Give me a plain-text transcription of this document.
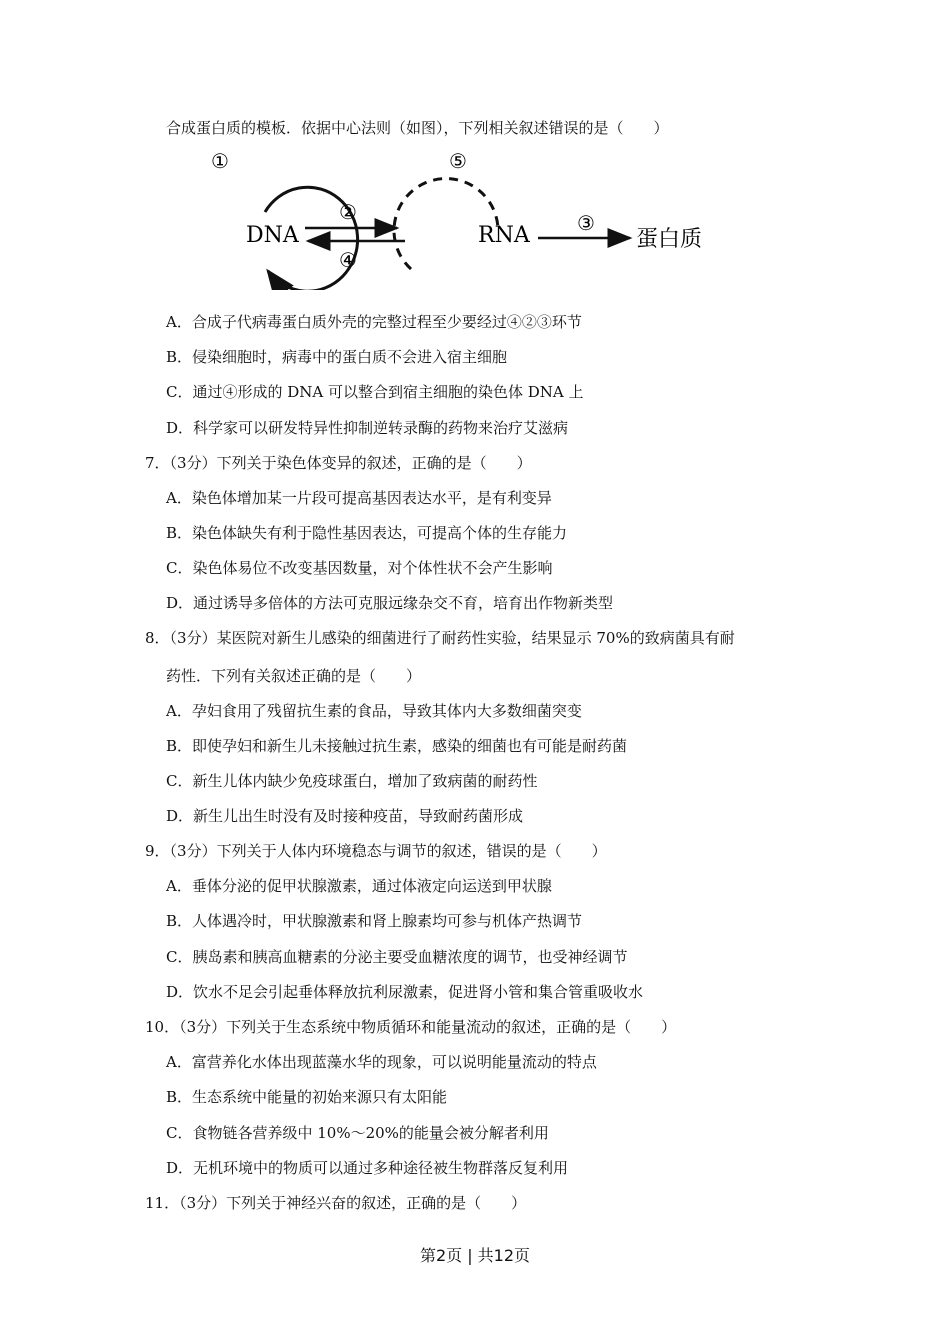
合成蛋白质的模板．依据中心法则（如图），下列相关叙述错误的是（　　）
①
DNA
②
④
⑤
RNA ③
蛋白质
A．合成子代病毒蛋白质外壳的完整过程至少要经过④②③环节
B．侵染细胞时，病毒中的蛋白质不会进入宿主细胞
C．通过④形成的 DNA 可以整合到宿主细胞的染色体 DNA 上
D．科学家可以研发特异性抑制逆转录酶的药物来治疗艾滋病
7．（3分）下列关于染色体变异的叙述，正确的是（　　）
A．染色体增加某一片段可提高基因表达水平，是有利变异
B．染色体缺失有利于隐性基因表达，可提高个体的生存能力
C．染色体易位不改变基因数量，对个体性状不会产生影响
D．通过诱导多倍体的方法可克服远缘杂交不育，培育出作物新类型
8．（3分）某医院对新生儿感染的细菌进行了耐药性实验，结果显示 70%的致病菌具有耐
药性．下列有关叙述正确的是（　　）
A．孕妇食用了残留抗生素的食品，导致其体内大多数细菌突变
B．即使孕妇和新生儿未接触过抗生素，感染的细菌也有可能是耐药菌
C．新生儿体内缺少免疫球蛋白，增加了致病菌的耐药性
D．新生儿出生时没有及时接种疫苗，导致耐药菌形成
9．（3分）下列关于人体内环境稳态与调节的叙述，错误的是（　　）
A．垂体分泌的促甲状腺激素，通过体液定向运送到甲状腺
B．人体遇冷时，甲状腺激素和肾上腺素均可参与机体产热调节
C．胰岛素和胰高血糖素的分泌主要受血糖浓度的调节，也受神经调节
D．饮水不足会引起垂体释放抗利尿激素，促进肾小管和集合管重吸收水
10．（3分）下列关于生态系统中物质循环和能量流动的叙述，正确的是（　　）
A．富营养化水体出现蓝藻水华的现象，可以说明能量流动的特点
B．生态系统中能量的初始来源只有太阳能
C．食物链各营养级中 10%～20%的能量会被分解者利用
D．无机环境中的物质可以通过多种途径被生物群落反复利用
11．（3分）下列关于神经兴奋的叙述，正确的是（　　）
第2页 | 共12页
